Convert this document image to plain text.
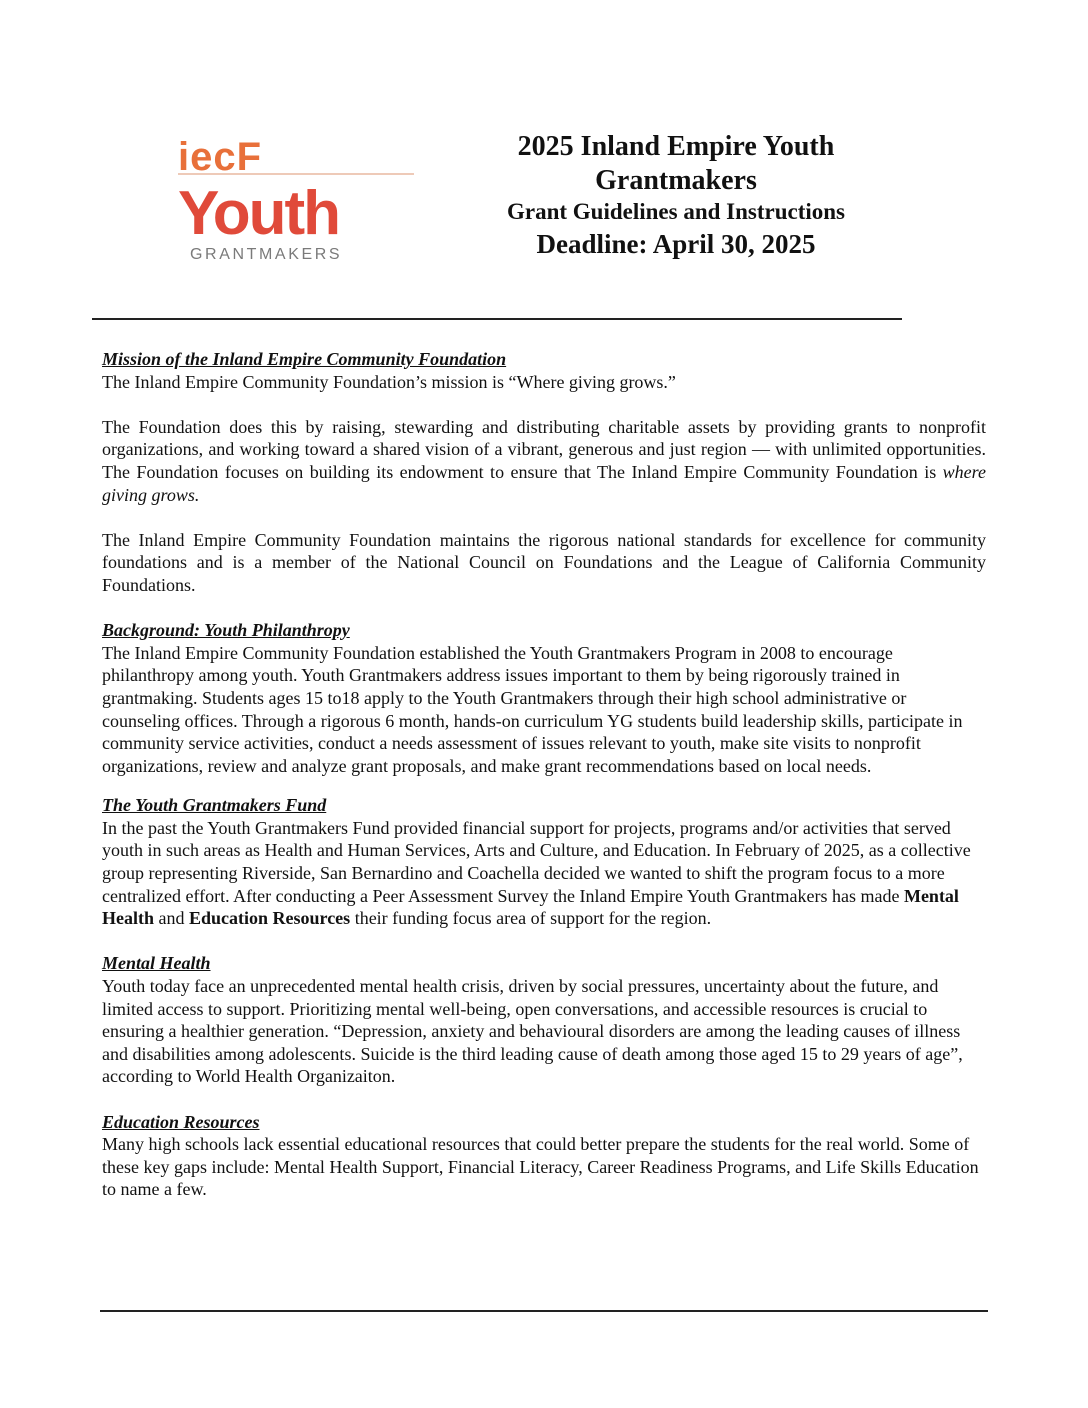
iecF
Youth
GRANTMAKERS
2025 Inland Empire Youth
Grantmakers
Grant Guidelines and Instructions
Deadline: April 30, 2025
Mission of the Inland Empire Community Foundation

The Inland Empire Community Foundation’s mission is “Where giving grows.”

The Foundation does this by raising, stewarding and distributing charitable assets by providing grants to nonprofit organizations, and working toward a shared vision of a vibrant, generous and just region — with unlimited opportunities. The Foundation focuses on building its endowment to ensure that The Inland Empire Community Foundation is where giving grows.

The Inland Empire Community Foundation maintains the rigorous national standards for excellence for community foundations and is a member of the National Council on Foundations and the League of California Community Foundations.

Background: Youth Philanthropy

The Inland Empire Community Foundation established the Youth Grantmakers Program in 2008 to encourage philanthropy among youth. Youth Grantmakers address issues important to them by being rigorously trained in grantmaking. Students ages 15 to18 apply to the Youth Grantmakers through their high school administrative or counseling offices. Through a rigorous 6 month, hands-on curriculum YG students build leadership skills, participate in community service activities, conduct a needs assessment of issues relevant to youth, make site visits to nonprofit organizations, review and analyze grant proposals, and make grant recommendations based on local needs.

The Youth Grantmakers Fund

In the past the Youth Grantmakers Fund provided financial support for projects, programs and/or activities that served youth in such areas as Health and Human Services, Arts and Culture, and Education. In February of 2025, as a collective group representing Riverside, San Bernardino and Coachella decided we wanted to shift the program focus to a more centralized effort. After conducting a Peer Assessment Survey the Inland Empire Youth Grantmakers has made Mental Health and Education Resources their funding focus area of support for the region.

Mental Health

Youth today face an unprecedented mental health crisis, driven by social pressures, uncertainty about the future, and limited access to support. Prioritizing mental well-being, open conversations, and accessible resources is crucial to ensuring a healthier generation. “Depression, anxiety and behavioural disorders are among the leading causes of illness and disabilities among adolescents. Suicide is the third leading cause of death among those aged 15 to 29 years of age”, according to World Health Organizaiton.

Education Resources

Many high schools lack essential educational resources that could better prepare the students for the real world. Some of these key gaps include: Mental Health Support, Financial Literacy, Career Readiness Programs, and Life Skills Education to name a few.
